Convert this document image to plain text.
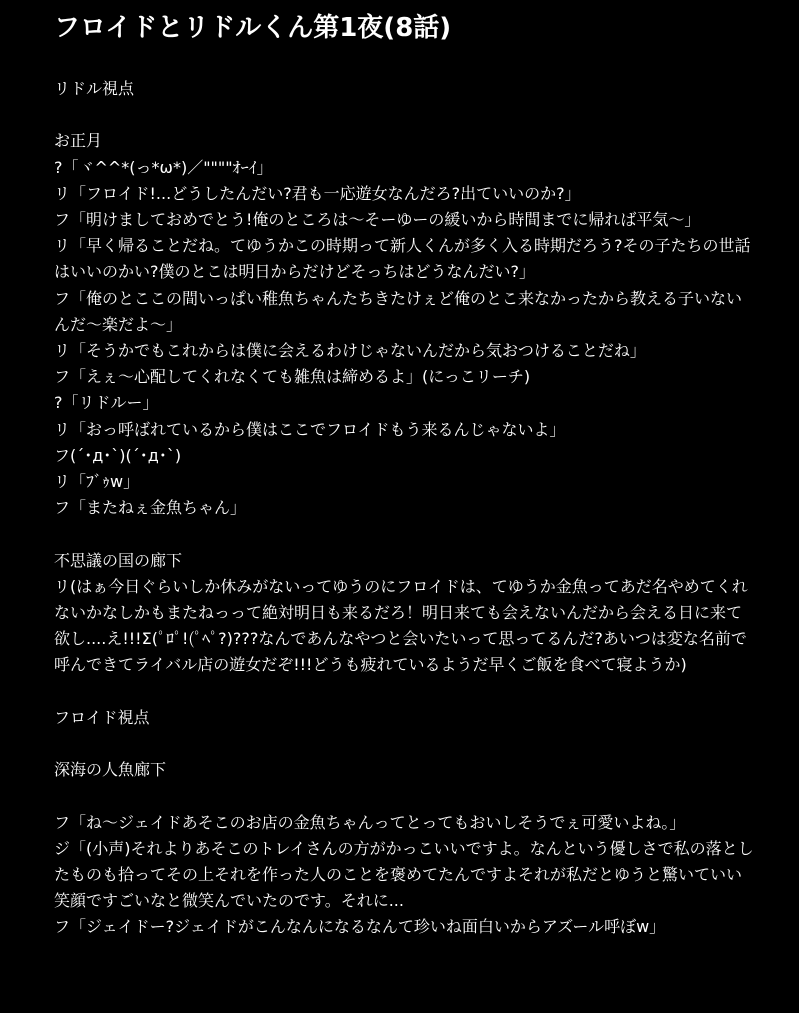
フロイドとリドルくん第1夜(8話)
リドル視点
お正月
?「ヾ^^*(っ*ω*)／""""ｵｰｲ」
リ「フロイド!...どうしたんだい?君も一応遊女なんだろ?出ていいのか?」
フ「明けましておめでとう!俺のところは〜そーゆーの緩いから時間までに帰れば平気〜」
リ「早く帰ることだね。てゆうかこの時期って新人くんが多く入る時期だろう?その子たちの世話はいいのかい?僕のとこは明日からだけどそっちはどうなんだい?」
フ「俺のとここの間いっぱい稚魚ちゃんたちきたけぇど俺のとこ来なかったから教える子いないんだ〜楽だよ〜」
リ「そうかでもこれからは僕に会えるわけじゃないんだから気おつけることだね」
フ「えぇ〜心配してくれなくても雑魚は締めるよ」(にっこリーチ)
?「リドルー」
リ「おっ呼ばれているから僕はここでフロイドもう来るんじゃないよ」
フ(´･д･`)(´･д･`)
リ「ﾌﾞｩw」
フ「またねぇ金魚ちゃん」
不思議の国の廊下
リ(はぁ今日ぐらいしか休みがないってゆうのにフロイドは、てゆうか金魚ってあだ名やめてくれないかなしかもまたねっって絶対明日も来るだろ！明日来ても会えないんだから会える日に来て欲し....え!!!Σ(ﾟﾛﾟ!(ﾟﾍﾟ?)???なんであんなやつと会いたいって思ってるんだ?あいつは変な名前で呼んできてライバル店の遊女だぞ!!!どうも疲れているようだ早くご飯を食べて寝ようか)
フロイド視点
深海の人魚廊下
フ「ね〜ジェイドあそこのお店の金魚ちゃんってとってもおいしそうでぇ可愛いよね。」
ジ「(小声)それよりあそこのトレイさんの方がかっこいいですよ。なんという優しさで私の落としたものも拾ってその上それを作った人のことを褒めてたんですよそれが私だとゆうと驚いていい笑顔ですごいなと微笑んでいたのです。それに...
フ「ジェイドー?ジェイドがこんなんになるなんて珍いね面白いからアズール呼ぼw」
